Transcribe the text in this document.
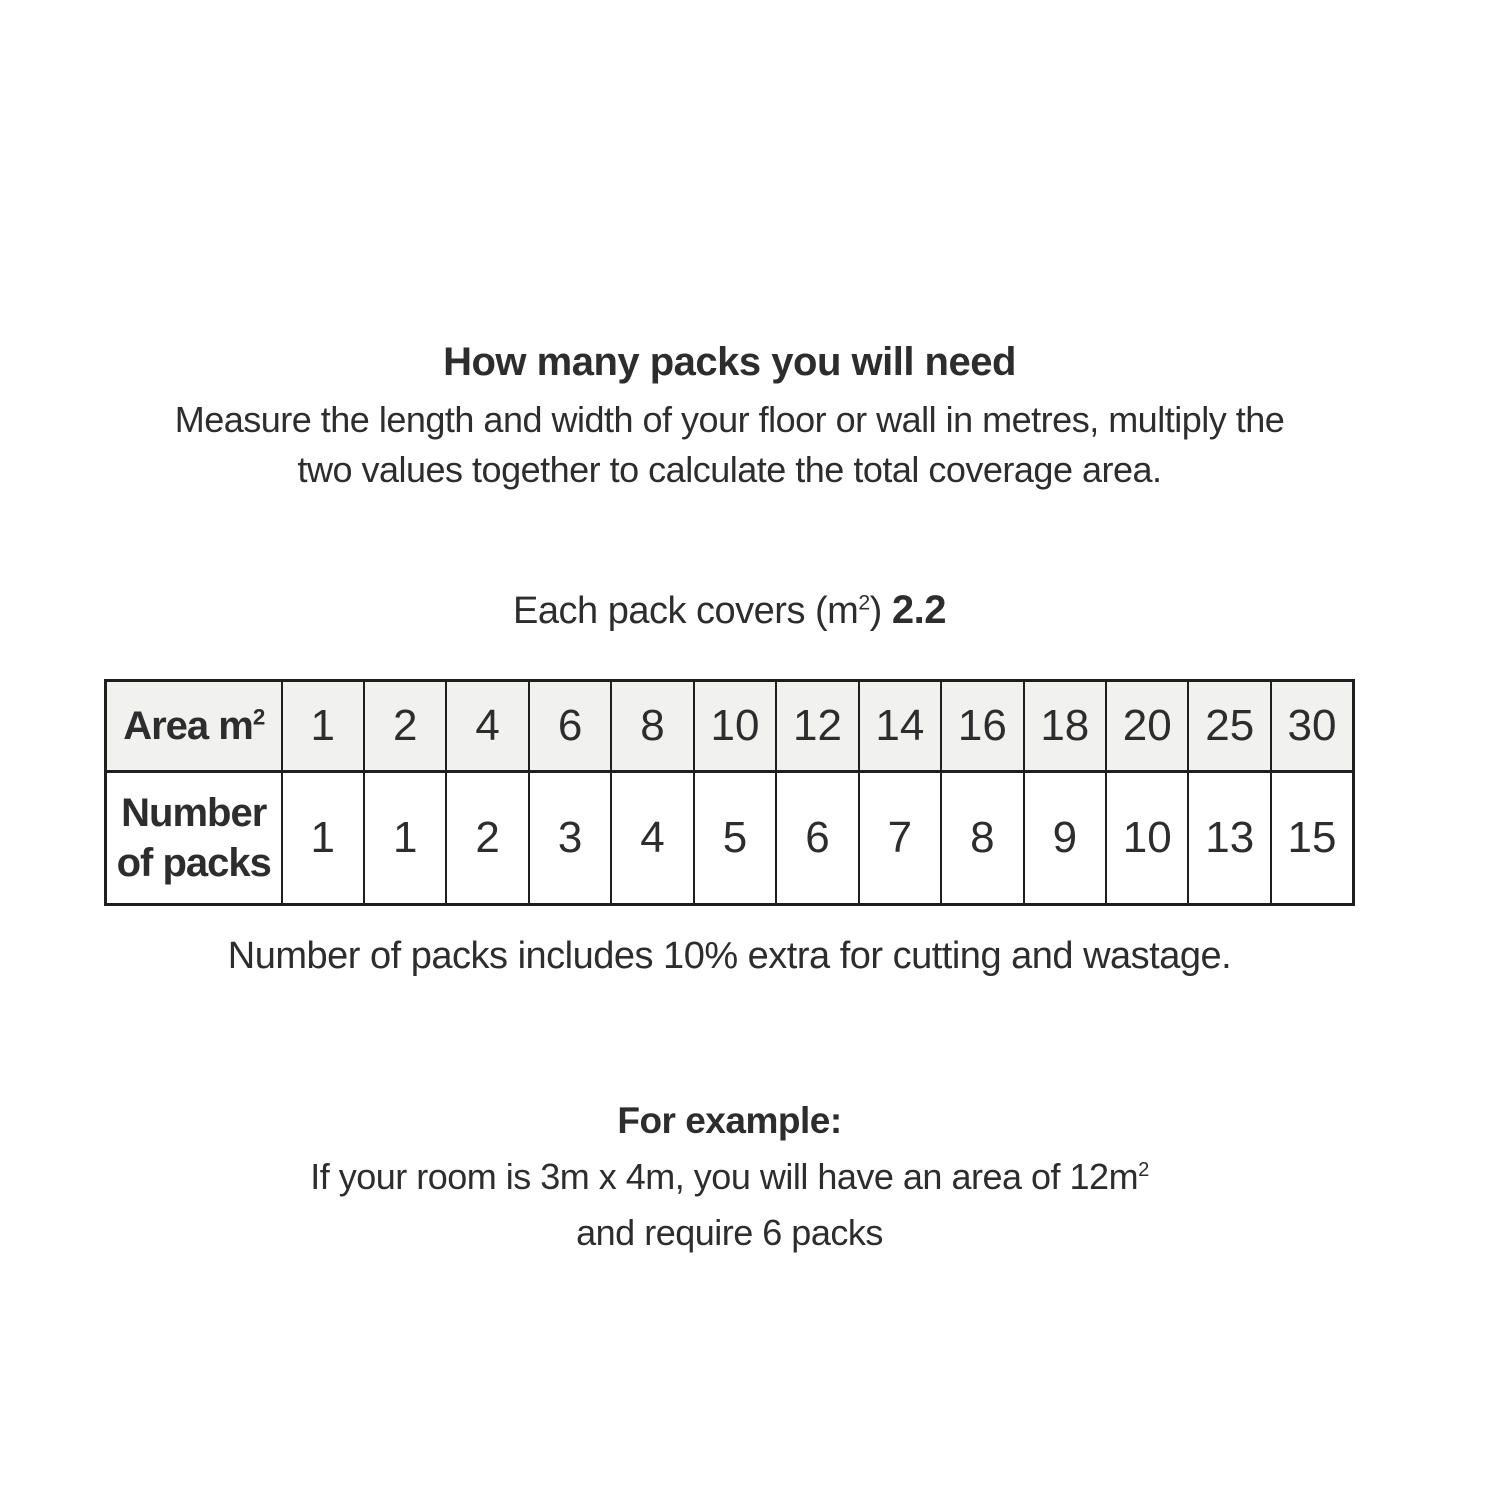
How many packs you will need
Measure the length and width of your floor or wall in metres, multiply the
two values together to calculate the total coverage area.
Each pack covers $(m^2)$ 2.2
Area $m^2$	1	2	4	6	8	10	12	14	16	18	20	25	30
Number of packs	1	1	2	3	4	5	6	7	8	9	10	13	15
Number of packs includes 10% extra for cutting and wastage.
For example:
If your room is 3m x 4m, you will have an area of $12m^2$
and require 6 packs
